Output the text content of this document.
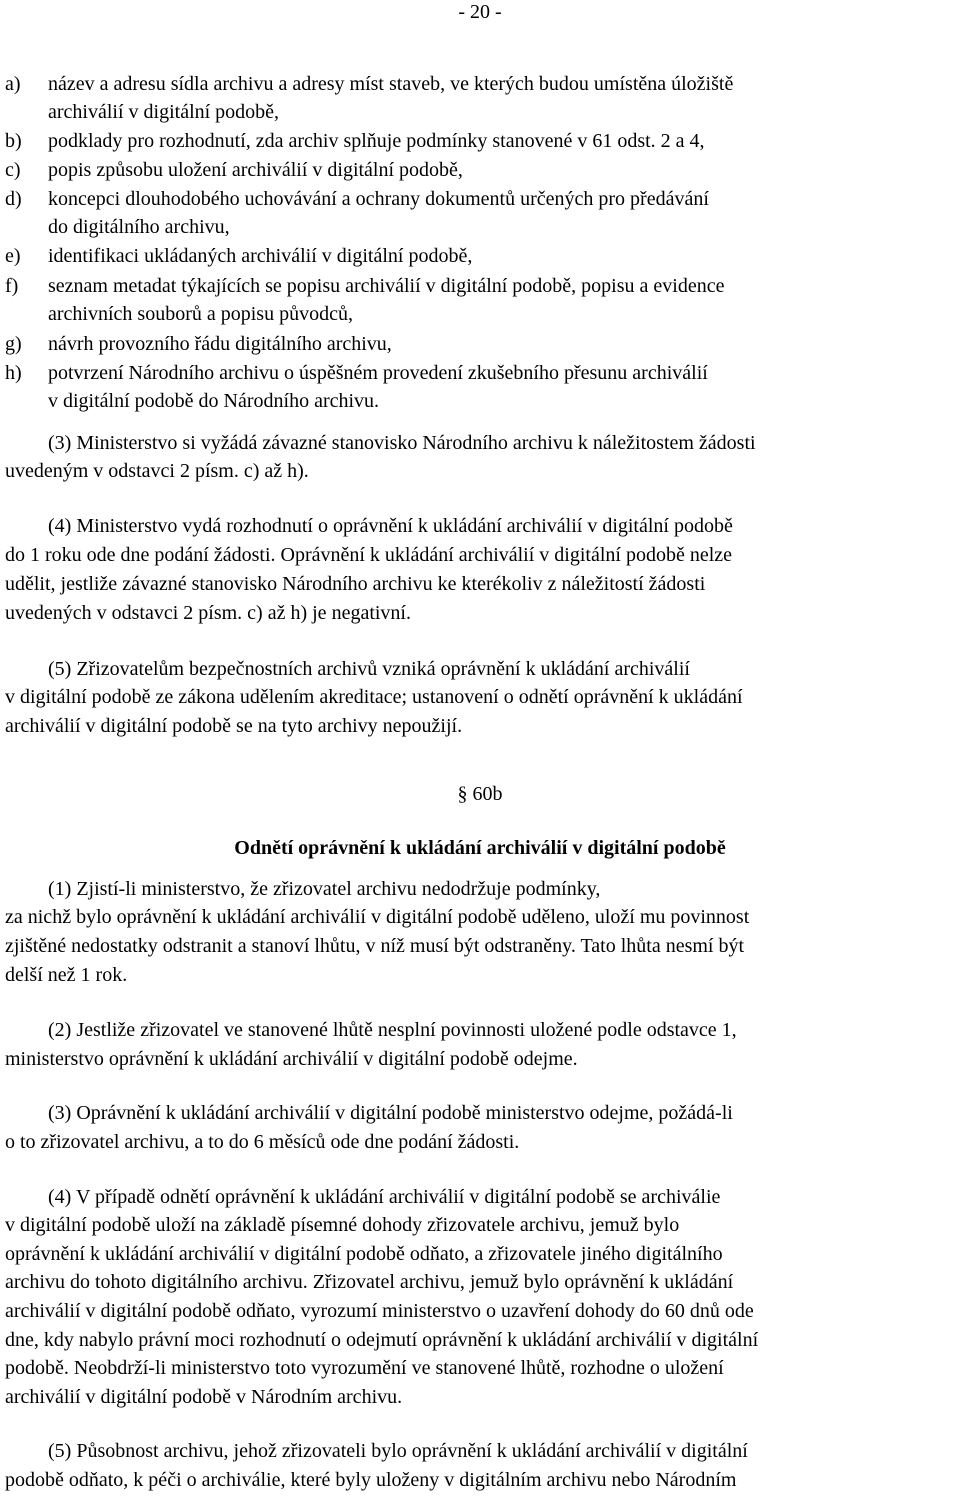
- 20 -
a) název a adresu sídla archivu a adresy míst staveb, ve kterých budou umístěna úložiště
archiválií v digitální podobě,
b) podklady pro rozhodnutí, zda archiv splňuje podmínky stanovené v 61 odst. 2 a 4,
c) popis způsobu uložení archiválií v digitální podobě,
d) koncepci dlouhodobého uchovávání a ochrany dokumentů určených pro předávání
do digitálního archivu,
e) identifikaci ukládaných archiválií v digitální podobě,
f) seznam metadat týkajících se popisu archiválií v digitální podobě, popisu a evidence
archivních souborů a popisu původců,
g) návrh provozního řádu digitálního archivu,
h) potvrzení Národního archivu o úspěšném provedení zkušebního přesunu archiválií
v digitální podobě do Národního archivu.
(3) Ministerstvo si vyžádá závazné stanovisko Národního archivu k náležitostem žádosti
uvedeným v odstavci 2 písm. c) až h).
(4) Ministerstvo vydá rozhodnutí o oprávnění k ukládání archiválií v digitální podobě
do 1 roku ode dne podání žádosti. Oprávnění k ukládání archiválií v digitální podobě nelze
udělit, jestliže závazné stanovisko Národního archivu ke kterékoliv z náležitostí žádosti
uvedených v odstavci 2 písm. c) až h) je negativní.
(5) Zřizovatelům bezpečnostních archivů vzniká oprávnění k ukládání archiválií
v digitální podobě ze zákona udělením akreditace; ustanovení o odnětí oprávnění k ukládání
archiválií v digitální podobě se na tyto archivy nepoužijí.
§ 60b
Odnětí oprávnění k ukládání archiválií v digitální podobě
(1) Zjistí-li ministerstvo, že zřizovatel archivu nedodržuje podmínky,
za nichž bylo oprávnění k ukládání archiválií v digitální podobě uděleno, uloží mu povinnost
zjištěné nedostatky odstranit a stanoví lhůtu, v níž musí být odstraněny. Tato lhůta nesmí být
delší než 1 rok.
(2) Jestliže zřizovatel ve stanovené lhůtě nesplní povinnosti uložené podle odstavce 1,
ministerstvo oprávnění k ukládání archiválií v digitální podobě odejme.
(3) Oprávnění k ukládání archiválií v digitální podobě ministerstvo odejme, požádá-li
o to zřizovatel archivu, a to do 6 měsíců ode dne podání žádosti.
(4) V případě odnětí oprávnění k ukládání archiválií v digitální podobě se archiválie
v digitální podobě uloží na základě písemné dohody zřizovatele archivu, jemuž bylo
oprávnění k ukládání archiválií v digitální podobě odňato, a zřizovatele jiného digitálního
archivu do tohoto digitálního archivu. Zřizovatel archivu, jemuž bylo oprávnění k ukládání
archiválií v digitální podobě odňato, vyrozumí ministerstvo o uzavření dohody do 60 dnů ode
dne, kdy nabylo právní moci rozhodnutí o odejmutí oprávnění k ukládání archiválií v digitální
podobě. Neobdrží-li ministerstvo toto vyrozumění ve stanovené lhůtě, rozhodne o uložení
archiválií v digitální podobě v Národním archivu.
(5) Působnost archivu, jehož zřizovateli bylo oprávnění k ukládání archiválií v digitální
podobě odňato, k péči o archiválie, které byly uloženy v digitálním archivu nebo Národním
